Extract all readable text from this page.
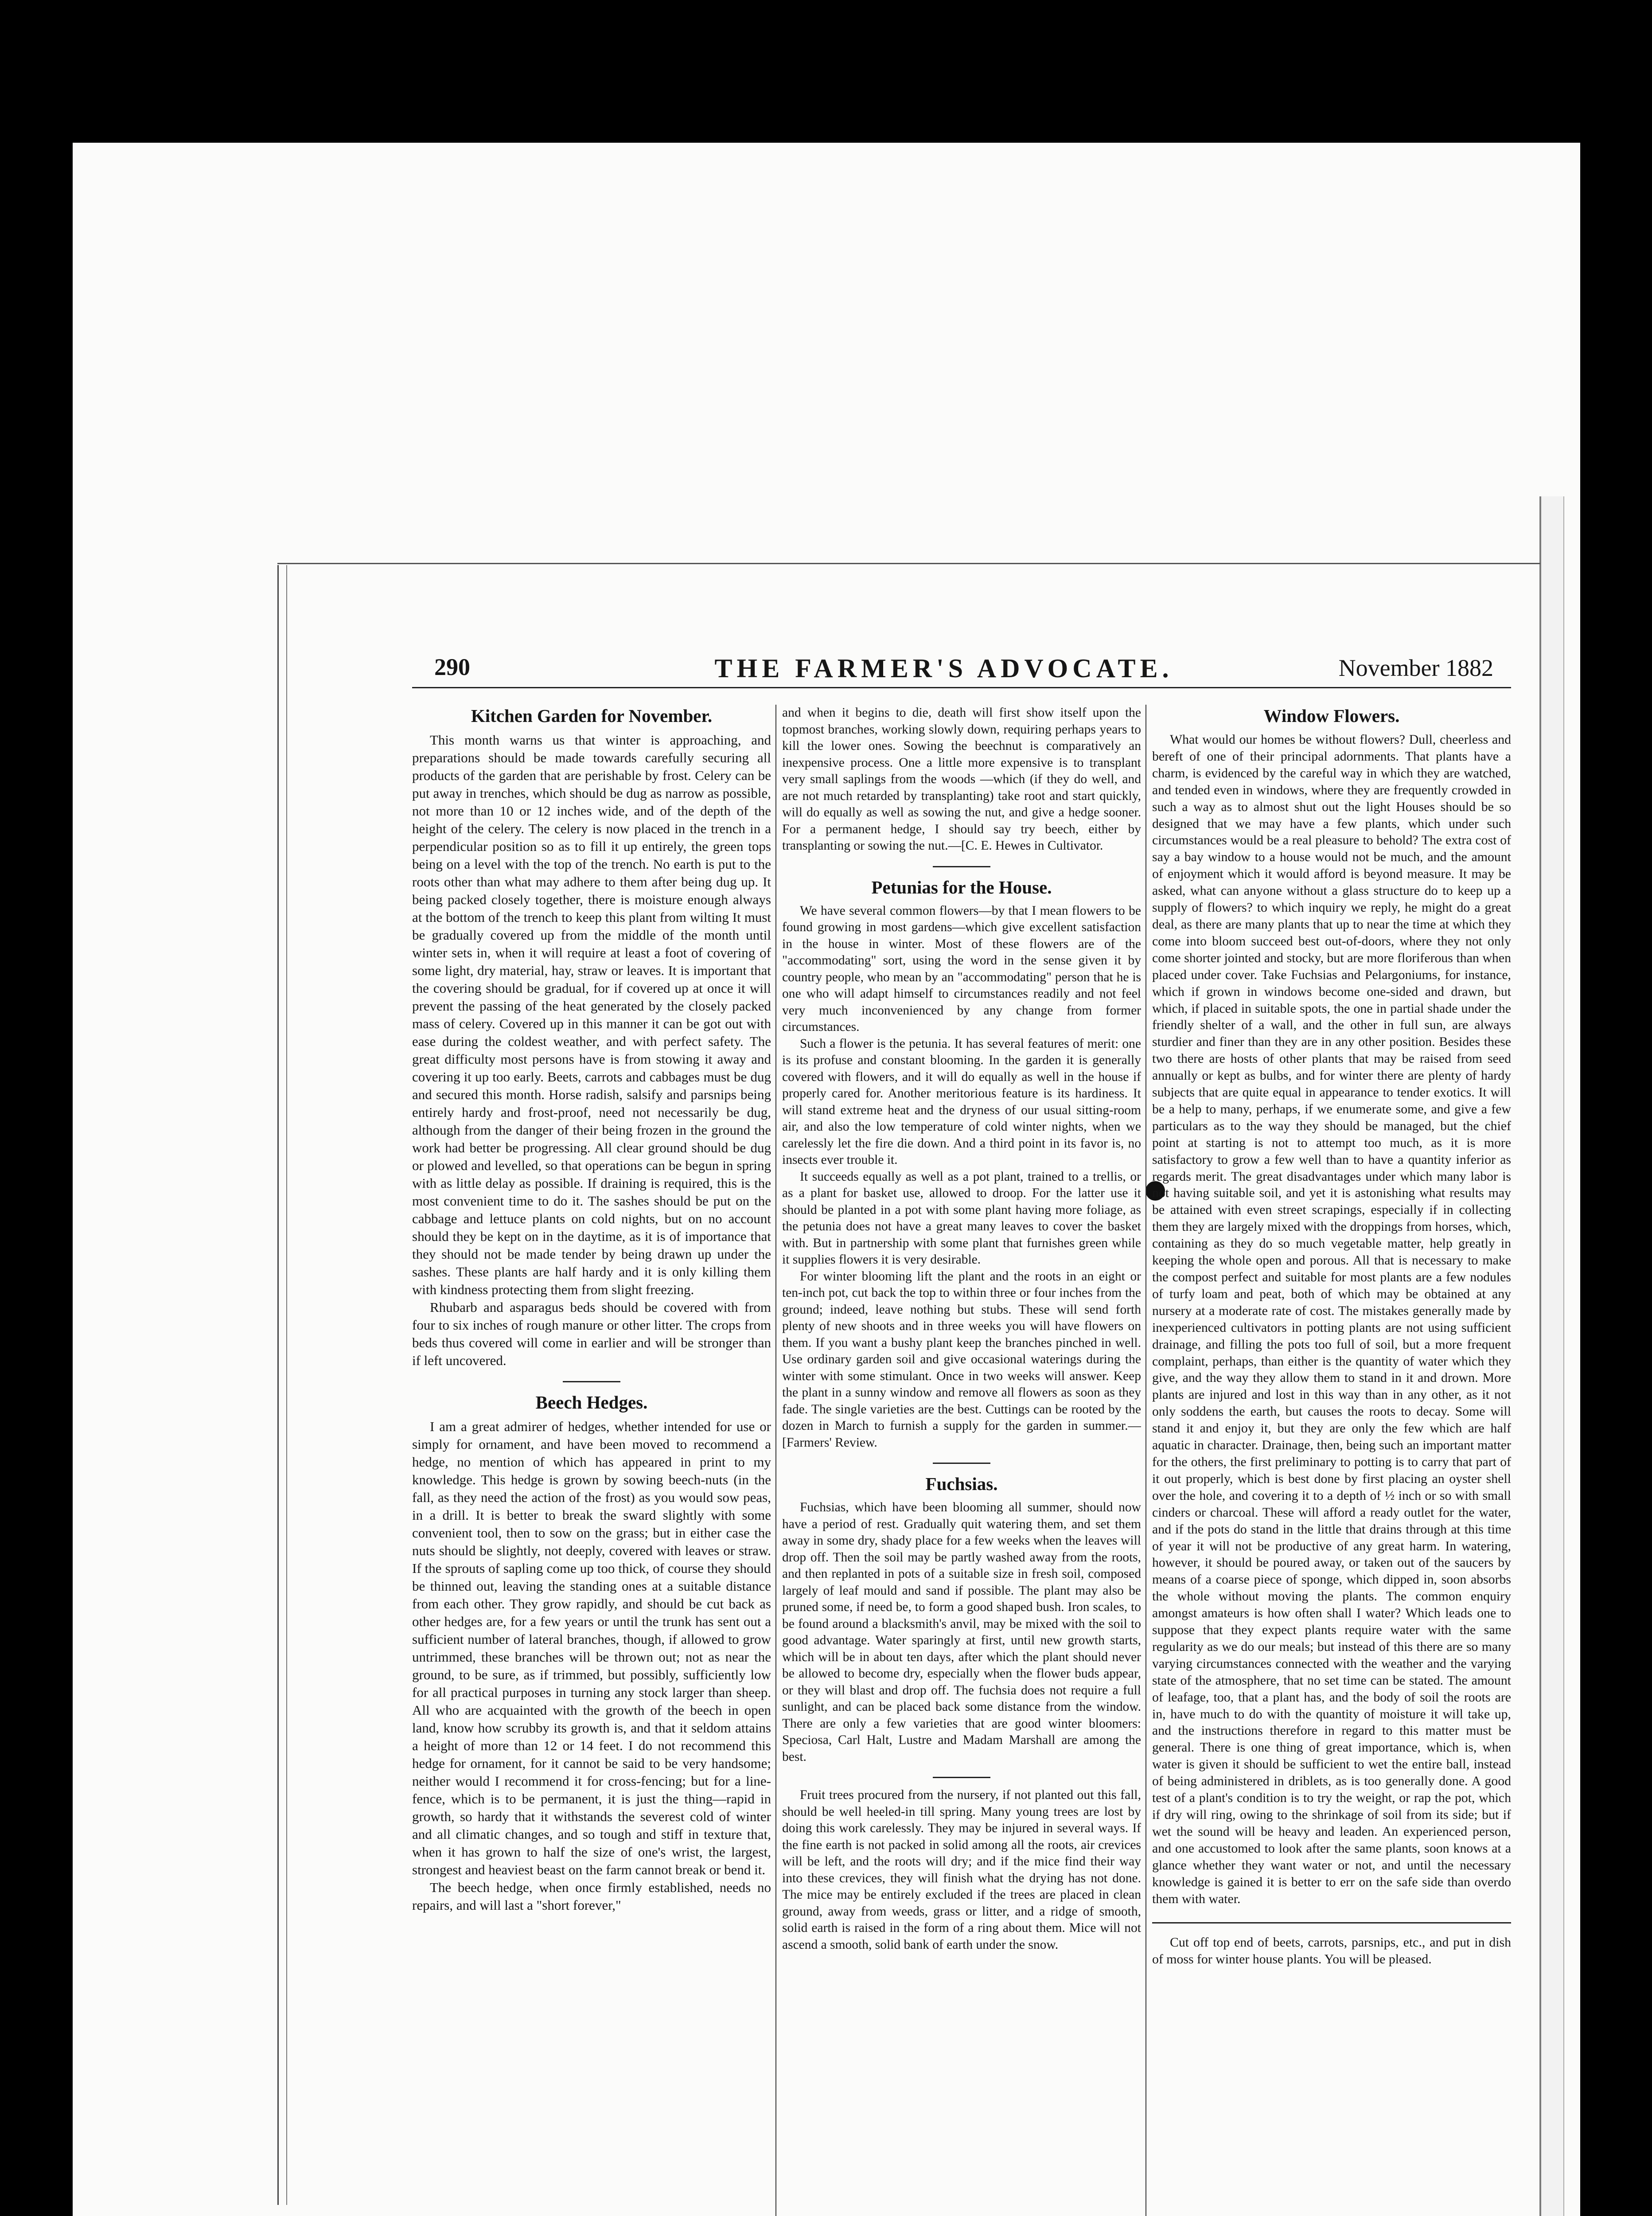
290	THE FARMER'S ADVOCATE.	November 1882
Kitchen Garden for November.

This month warns us that winter is approaching, and preparations should be made towards carefully securing all products of the garden that are perishable by frost. Celery can be put away in trenches, which should be dug as narrow as possible, not more than 10 or 12 inches wide, and of the depth of the height of the celery. The celery is now placed in the trench in a perpendicular position so as to fill it up entirely, the green tops being on a level with the top of the trench. No earth is put to the roots other than what may adhere to them after being dug up. It being packed closely together, there is moisture enough always at the bottom of the trench to keep this plant from wilting It must be gradually covered up from the middle of the month until winter sets in, when it will require at least a foot of covering of some light, dry material, hay, straw or leaves. It is important that the covering should be gradual, for if covered up at once it will prevent the passing of the heat generated by the closely packed mass of celery. Covered up in this manner it can be got out with ease during the coldest weather, and with perfect safety. The great difficulty most persons have is from stowing it away and covering it up too early. Beets, carrots and cabbages must be dug and secured this month. Horse radish, salsify and parsnips being entirely hardy and frost-proof, need not necessarily be dug, although from the danger of their being frozen in the ground the work had better be progressing. All clear ground should be dug or plowed and levelled, so that operations can be begun in spring with as little delay as possible. If draining is required, this is the most convenient time to do it. The sashes should be put on the cabbage and lettuce plants on cold nights, but on no account should they be kept on in the daytime, as it is of importance that they should not be made tender by being drawn up under the sashes. These plants are half hardy and it is only killing them with kindness protecting them from slight freezing.

Rhubarb and asparagus beds should be covered with from four to six inches of rough manure or other litter. The crops from beds thus covered will come in earlier and will be stronger than if left uncovered.

Beech Hedges.

I am a great admirer of hedges, whether intended for use or simply for ornament, and have been moved to recommend a hedge, no mention of which has appeared in print to my knowledge. This hedge is grown by sowing beech-nuts (in the fall, as they need the action of the frost) as you would sow peas, in a drill. It is better to break the sward slightly with some convenient tool, then to sow on the grass; but in either case the nuts should be slightly, not deeply, covered with leaves or straw. If the sprouts of sapling come up too thick, of course they should be thinned out, leaving the standing ones at a suitable distance from each other. They grow rapidly, and should be cut back as other hedges are, for a few years or until the trunk has sent out a sufficient number of lateral branches, though, if allowed to grow untrimmed, these branches will be thrown out; not as near the ground, to be sure, as if trimmed, but possibly, sufficiently low for all practical purposes in turning any stock larger than sheep. All who are acquainted with the growth of the beech in open land, know how scrubby its growth is, and that it seldom attains a height of more than 12 or 14 feet. I do not recommend this hedge for ornament, for it cannot be said to be very handsome; neither would I recommend it for cross-fencing; but for a line-fence, which is to be permanent, it is just the thing—rapid in growth, so hardy that it withstands the severest cold of winter and all climatic changes, and so tough and stiff in texture that, when it has grown to half the size of one's wrist, the largest, strongest and heaviest beast on the farm cannot break or bend it.

The beech hedge, when once firmly established, needs no repairs, and will last a "short forever,"

and when it begins to die, death will first show itself upon the topmost branches, working slowly down, requiring perhaps years to kill the lower ones. Sowing the beechnut is comparatively an inexpensive process. One a little more expensive is to transplant very small saplings from the woods —which (if they do well, and are not much retarded by transplanting) take root and start quickly, will do equally as well as sowing the nut, and give a hedge sooner. For a permanent hedge, I should say try beech, either by transplanting or sowing the nut.—[C. E. Hewes in Cultivator.

Petunias for the House.

We have several common flowers—by that I mean flowers to be found growing in most gardens—which give excellent satisfaction in the house in winter. Most of these flowers are of the "accommodating" sort, using the word in the sense given it by country people, who mean by an "accommodating" person that he is one who will adapt himself to circumstances readily and not feel very much inconvenienced by any change from former circumstances.

Such a flower is the petunia. It has several features of merit: one is its profuse and constant blooming. In the garden it is generally covered with flowers, and it will do equally as well in the house if properly cared for. Another meritorious feature is its hardiness. It will stand extreme heat and the dryness of our usual sitting-room air, and also the low temperature of cold winter nights, when we carelessly let the fire die down. And a third point in its favor is, no insects ever trouble it.

It succeeds equally as well as a pot plant, trained to a trellis, or as a plant for basket use, allowed to droop. For the latter use it should be planted in a pot with some plant having more foliage, as the petunia does not have a great many leaves to cover the basket with. But in partnership with some plant that furnishes green while it supplies flowers it is very desirable.

For winter blooming lift the plant and the roots in an eight or ten-inch pot, cut back the top to within three or four inches from the ground; indeed, leave nothing but stubs. These will send forth plenty of new shoots and in three weeks you will have flowers on them. If you want a bushy plant keep the branches pinched in well. Use ordinary garden soil and give occasional waterings during the winter with some stimulant. Once in two weeks will answer. Keep the plant in a sunny window and remove all flowers as soon as they fade. The single varieties are the best. Cuttings can be rooted by the dozen in March to furnish a supply for the garden in summer.—[Farmers' Review.

Fuchsias.

Fuchsias, which have been blooming all summer, should now have a period of rest. Gradually quit watering them, and set them away in some dry, shady place for a few weeks when the leaves will drop off. Then the soil may be partly washed away from the roots, and then replanted in pots of a suitable size in fresh soil, composed largely of leaf mould and sand if possible. The plant may also be pruned some, if need be, to form a good shaped bush. Iron scales, to be found around a blacksmith's anvil, may be mixed with the soil to good advantage. Water sparingly at first, until new growth starts, which will be in about ten days, after which the plant should never be allowed to become dry, especially when the flower buds appear, or they will blast and drop off. The fuchsia does not require a full sunlight, and can be placed back some distance from the window. There are only a few varieties that are good winter bloomers: Speciosa, Carl Halt, Lustre and Madam Marshall are among the best.

Fruit trees procured from the nursery, if not planted out this fall, should be well heeled-in till spring. Many young trees are lost by doing this work carelessly. They may be injured in several ways. If the fine earth is not packed in solid among all the roots, air crevices will be left, and the roots will dry; and if the mice find their way into these crevices, they will finish what the drying has not done. The mice may be entirely excluded if the trees are placed in clean ground, away from weeds, grass or litter, and a ridge of smooth, solid earth is raised in the form of a ring about them. Mice will not ascend a smooth, solid bank of earth under the snow.

Window Flowers.

What would our homes be without flowers? Dull, cheerless and bereft of one of their principal adornments. That plants have a charm, is evidenced by the careful way in which they are watched, and tended even in windows, where they are frequently crowded in such a way as to almost shut out the light Houses should be so designed that we may have a few plants, which under such circumstances would be a real pleasure to behold? The extra cost of say a bay window to a house would not be much, and the amount of enjoyment which it would afford is beyond measure. It may be asked, what can anyone without a glass structure do to keep up a supply of flowers? to which inquiry we reply, he might do a great deal, as there are many plants that up to near the time at which they come into bloom succeed best out-of-doors, where they not only come shorter jointed and stocky, but are more floriferous than when placed under cover. Take Fuchsias and Pelargoniums, for instance, which if grown in windows become one-sided and drawn, but which, if placed in suitable spots, the one in partial shade under the friendly shelter of a wall, and the other in full sun, are always sturdier and finer than they are in any other position. Besides these two there are hosts of other plants that may be raised from seed annually or kept as bulbs, and for winter there are plenty of hardy subjects that are quite equal in appearance to tender exotics. It will be a help to many, perhaps, if we enumerate some, and give a few particulars as to the way they should be managed, but the chief point at starting is not to attempt too much, as it is more satisfactory to grow a few well than to have a quantity inferior as regards merit. The great disadvantages under which many labor is not having suitable soil, and yet it is astonishing what results may be attained with even street scrapings, especially if in collecting them they are largely mixed with the droppings from horses, which, containing as they do so much vegetable matter, help greatly in keeping the whole open and porous. All that is necessary to make the compost perfect and suitable for most plants are a few nodules of turfy loam and peat, both of which may be obtained at any nursery at a moderate rate of cost. The mistakes generally made by inexperienced cultivators in potting plants are not using sufficient drainage, and filling the pots too full of soil, but a more frequent complaint, perhaps, than either is the quantity of water which they give, and the way they allow them to stand in it and drown. More plants are injured and lost in this way than in any other, as it not only soddens the earth, but causes the roots to decay. Some will stand it and enjoy it, but they are only the few which are half aquatic in character. Drainage, then, being such an important matter for the others, the first preliminary to potting is to carry that part of it out properly, which is best done by first placing an oyster shell over the hole, and covering it to a depth of ½ inch or so with small cinders or charcoal. These will afford a ready outlet for the water, and if the pots do stand in the little that drains through at this time of year it will not be productive of any great harm. In watering, however, it should be poured away, or taken out of the saucers by means of a coarse piece of sponge, which dipped in, soon absorbs the whole without moving the plants. The common enquiry amongst amateurs is how often shall I water? Which leads one to suppose that they expect plants require water with the same regularity as we do our meals; but instead of this there are so many varying circumstances connected with the weather and the varying state of the atmosphere, that no set time can be stated. The amount of leafage, too, that a plant has, and the body of soil the roots are in, have much to do with the quantity of moisture it will take up, and the instructions therefore in regard to this matter must be general. There is one thing of great importance, which is, when water is given it should be sufficient to wet the entire ball, instead of being administered in driblets, as is too generally done. A good test of a plant's condition is to try the weight, or rap the pot, which if dry will ring, owing to the shrinkage of soil from its side; but if wet the sound will be heavy and leaden. An experienced person, and one accustomed to look after the same plants, soon knows at a glance whether they want water or not, and until the necessary knowledge is gained it is better to err on the safe side than overdo them with water.

Cut off top end of beets, carrots, parsnips, etc., and put in dish of moss for winter house plants. You will be pleased.
